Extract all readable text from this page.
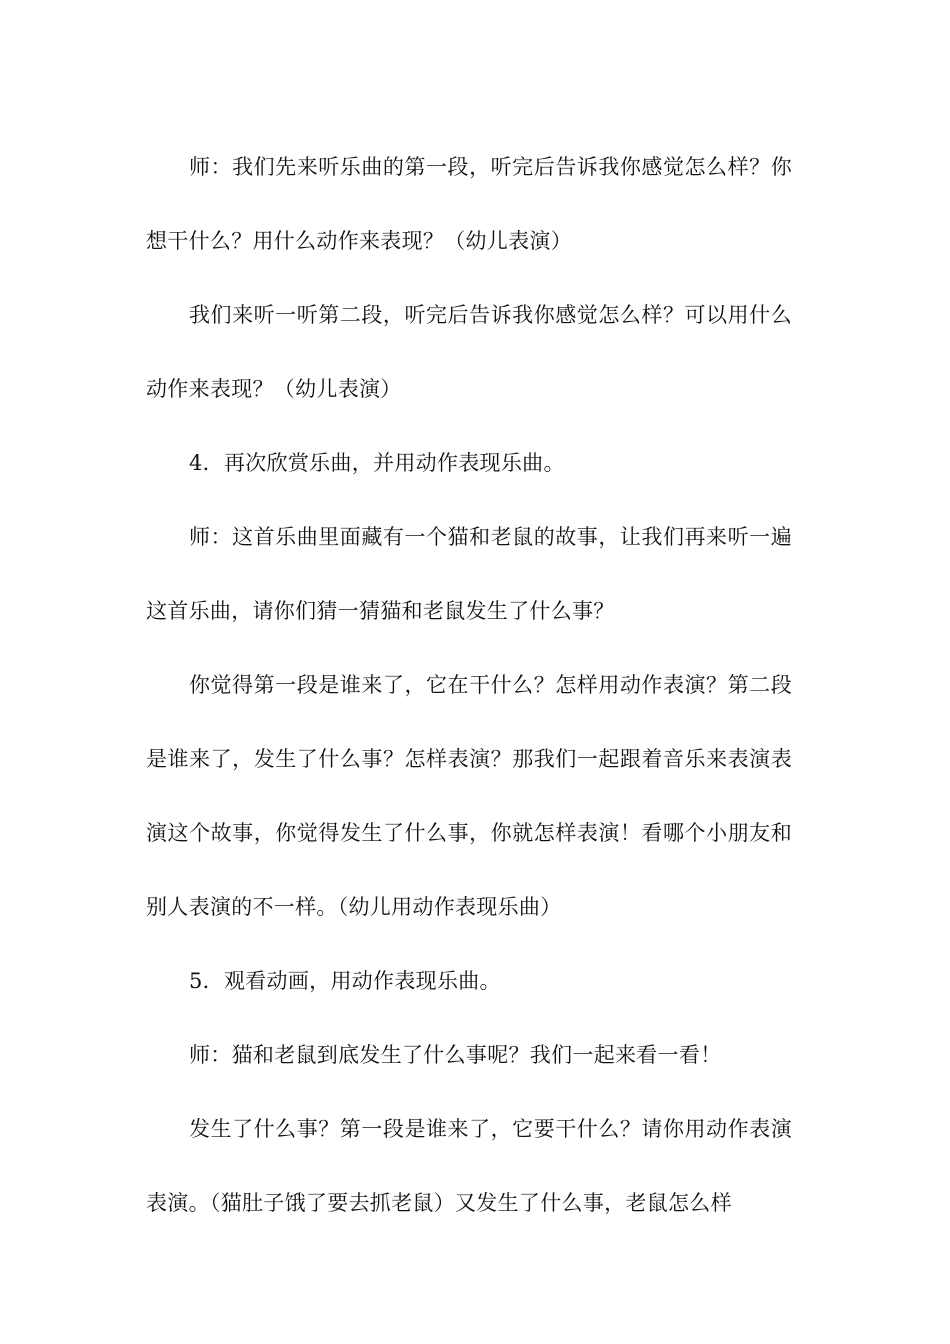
师：我们先来听乐曲的第一段，听完后告诉我你感觉怎么样？你想干什么？用什么动作来表现？（幼儿表演）

我们来听一听第二段，听完后告诉我你感觉怎么样？可以用什么动作来表现？（幼儿表演）

4．再次欣赏乐曲，并用动作表现乐曲。

师：这首乐曲里面藏有一个猫和老鼠的故事，让我们再来听一遍这首乐曲，请你们猜一猜猫和老鼠发生了什么事？

你觉得第一段是谁来了，它在干什么？怎样用动作表演？第二段是谁来了，发生了什么事？怎样表演？那我们一起跟着音乐来表演表演这个故事，你觉得发生了什么事，你就怎样表演！看哪个小朋友和别人表演的不一样。（幼儿用动作表现乐曲）

5．观看动画，用动作表现乐曲。

师：猫和老鼠到底发生了什么事呢？我们一起来看一看！

发生了什么事？第一段是谁来了，它要干什么？请你用动作表演表演。（猫肚子饿了要去抓老鼠）又发生了什么事，老鼠怎么样
